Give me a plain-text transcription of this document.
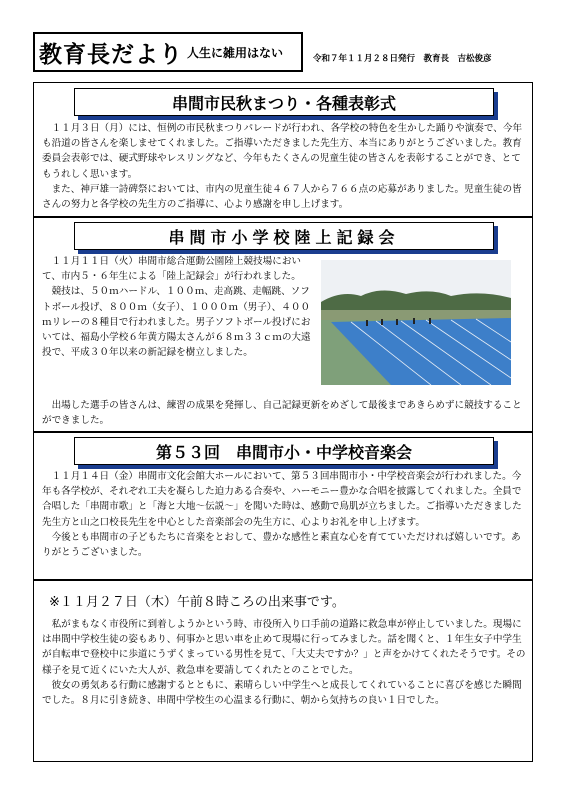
教育長だより 人生に雑用はない	令和７年１１月２８日発行　教育長　吉松俊彦
串間市民秋まつり・各種表彰式

１１月３日（月）には、恒例の市民秋まつりパレードが行われ、各学校の特色を生かした踊りや演奏で、今年も沿道の皆さんを楽しませてくれました。ご指導いただきました先生方、本当にありがとうございました。教育委員会表彰では、硬式野球やレスリングなど、今年もたくさんの児童生徒の皆さんを表彰することができ、とてもうれしく思います。

また、神戸雄一詩碑祭においては、市内の児童生徒４６７人から７６６点の応募がありました。児童生徒の皆さんの努力と各学校の先生方のご指導に、心より感謝を申し上げます。

串間市小学校陸上記録会

１１月１１日（火）串間市総合運動公園陸上競技場において、市内５・６年生による「陸上記録会」が行われました。

競技は、５０ｍハードル、１００ｍ、走高跳、走幅跳、ソフトボール投げ、８００ｍ（女子）、１０００ｍ（男子）、４００ｍリレーの８種目で行われました。男子ソフトボール投げにおいては、福島小学校６年黄方陽太さんが６８ｍ３３ｃｍの大遠投で、平成３０年以来の新記録を樹立しました。

出場した選手の皆さんは、練習の成果を発揮し、自己記録更新をめざして最後まであきらめずに競技することができました。

第５３回　串間市小・中学校音楽会

１１月１４日（金）串間市文化会館大ホールにおいて、第５３回串間市小・中学校音楽会が行われました。今年も各学校が、それぞれ工夫を凝らした迫力ある合奏や、ハーモニー豊かな合唱を披露してくれました。全員で合唱した「串間市歌」と「海と大地〜伝説〜」を聞いた時は、感動で鳥肌が立ちました。ご指導いただきました先生方と山之口校長先生を中心とした音楽部会の先生方に、心よりお礼を申し上げます。

今後とも串間市の子どもたちに音楽をとおして、豊かな感性と素直な心を育てていただければ嬉しいです。ありがとうございました。

※１１月２７日（木）午前８時ころの出来事です。

私がまもなく市役所に到着しようかという時、市役所入り口手前の道路に救急車が停止していました。現場には串間中学校生徒の姿もあり、何事かと思い車を止めて現場に行ってみました。話を聞くと、１年生女子中学生が自転車で登校中に歩道にうずくまっている男性を見て、「大丈夫ですか？」と声をかけてくれたそうです。その様子を見て近くにいた大人が、救急車を要請してくれたとのことでした。

彼女の勇気ある行動に感謝するとともに、素晴らしい中学生へと成長してくれていることに喜びを感じた瞬間でした。８月に引き続き、串間中学校生の心温まる行動に、朝から気持ちの良い１日でした。
